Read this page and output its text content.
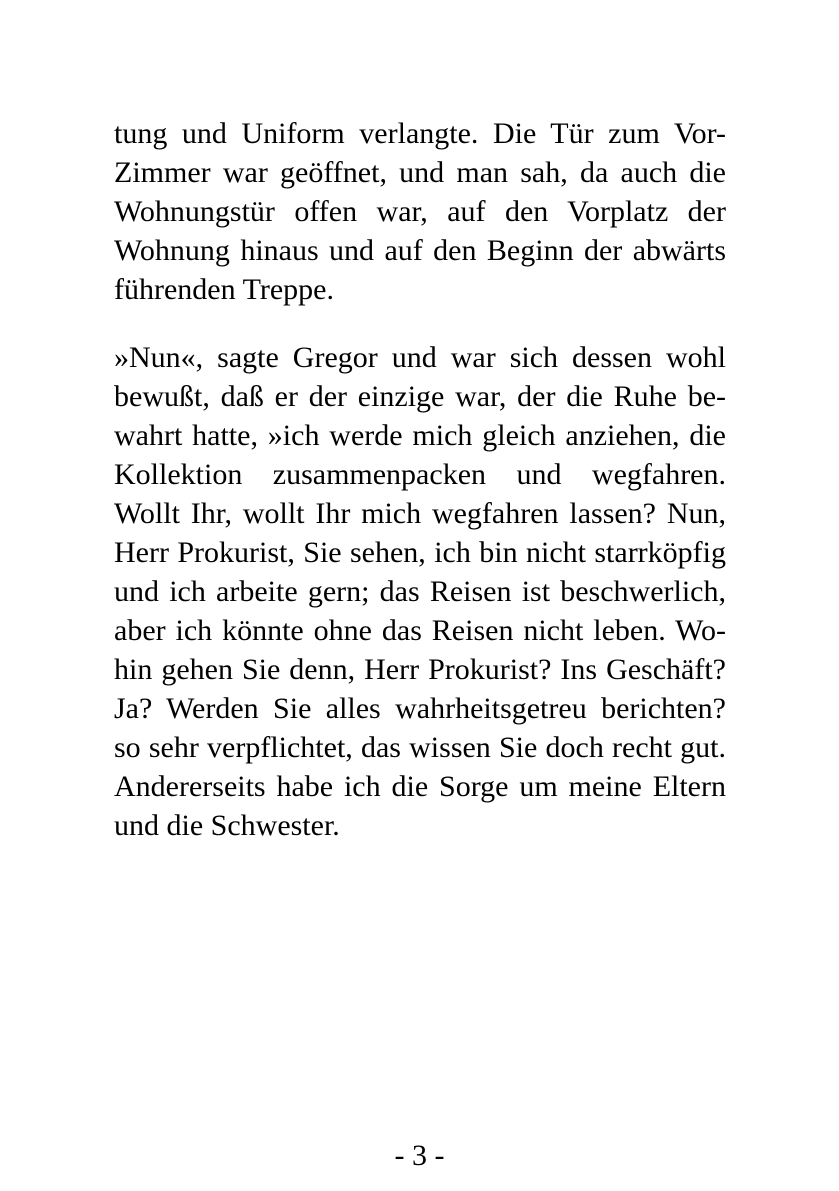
tung und Uniform verlangte. Die Tür zum Vor-
Zimmer war geöffnet, und man sah, da auch die
Wohnungstür offen war, auf den Vorplatz der
Wohnung hinaus und auf den Beginn der abwärts
führenden Treppe.
»Nun«, sagte Gregor und war sich dessen wohl
bewußt, daß er der einzige war, der die Ruhe be-
wahrt hatte, »ich werde mich gleich anziehen, die
Kollektion zusammenpacken und wegfahren.
Wollt Ihr, wollt Ihr mich wegfahren lassen? Nun,
Herr Prokurist, Sie sehen, ich bin nicht starrköpfig
und ich arbeite gern; das Reisen ist beschwerlich,
aber ich könnte ohne das Reisen nicht leben. Wo-
hin gehen Sie denn, Herr Prokurist? Ins Geschäft?
Ja? Werden Sie alles wahrheitsgetreu berichten?
so sehr verpflichtet, das wissen Sie doch recht gut.
Andererseits habe ich die Sorge um meine Eltern
und die Schwester.
- 3 -
